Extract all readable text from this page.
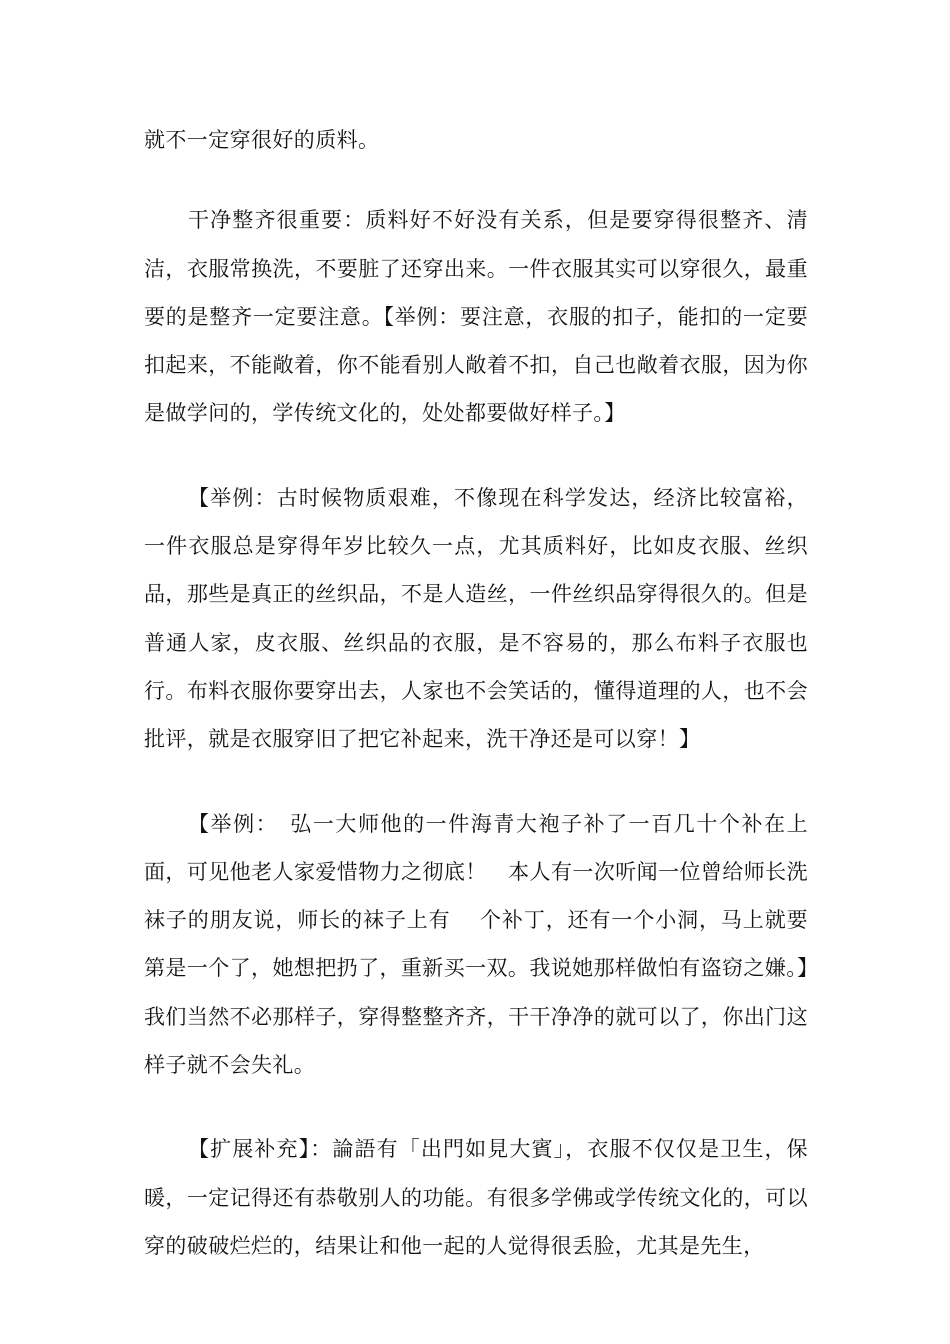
就不一定穿很好的质料。

干净整齐很重要：质料好不好没有关系，但是要穿得很整齐、清洁，衣服常换洗，不要脏了还穿出来。一件衣服其实可以穿很久，最重要的是整齐一定要注意。【举例：要注意，衣服的扣子，能扣的一定要扣起来，不能敞着，你不能看别人敞着不扣，自己也敞着衣服，因为你是做学问的，学传统文化的，处处都要做好样子。】

【举例：古时候物质艰难，不像现在科学发达，经济比较富裕，一件衣服总是穿得年岁比较久一点，尤其质料好，比如皮衣服、丝织品，那些是真正的丝织品，不是人造丝，一件丝织品穿得很久的。但是普通人家，皮衣服、丝织品的衣服，是不容易的，那么布料子衣服也行。布料衣服你要穿出去，人家也不会笑话的，懂得道理的人，也不会批评，就是衣服穿旧了把它补起来，洗干净还是可以穿！】

【举例：　弘一大师他的一件海青大袍子补了一百几十个补在上面，可见他老人家爱惜物力之彻底！　本人有一次听闻一位曾给师长洗袜子的朋友说，师长的袜子上有　 个补丁，还有一个小洞，马上就要第是一个了，她想把扔了，重新买一双。我说她那样做怕有盗窃之嫌。】我们当然不必那样子，穿得整整齐齐，干干净净的就可以了，你出门这样子就不会失礼。

【扩展补充】：論語有「出門如見大賓」，衣服不仅仅是卫生，保暖，一定记得还有恭敬别人的功能。有很多学佛或学传统文化的，可以穿的破破烂烂的，结果让和他一起的人觉得很丢脸，尤其是先生，
